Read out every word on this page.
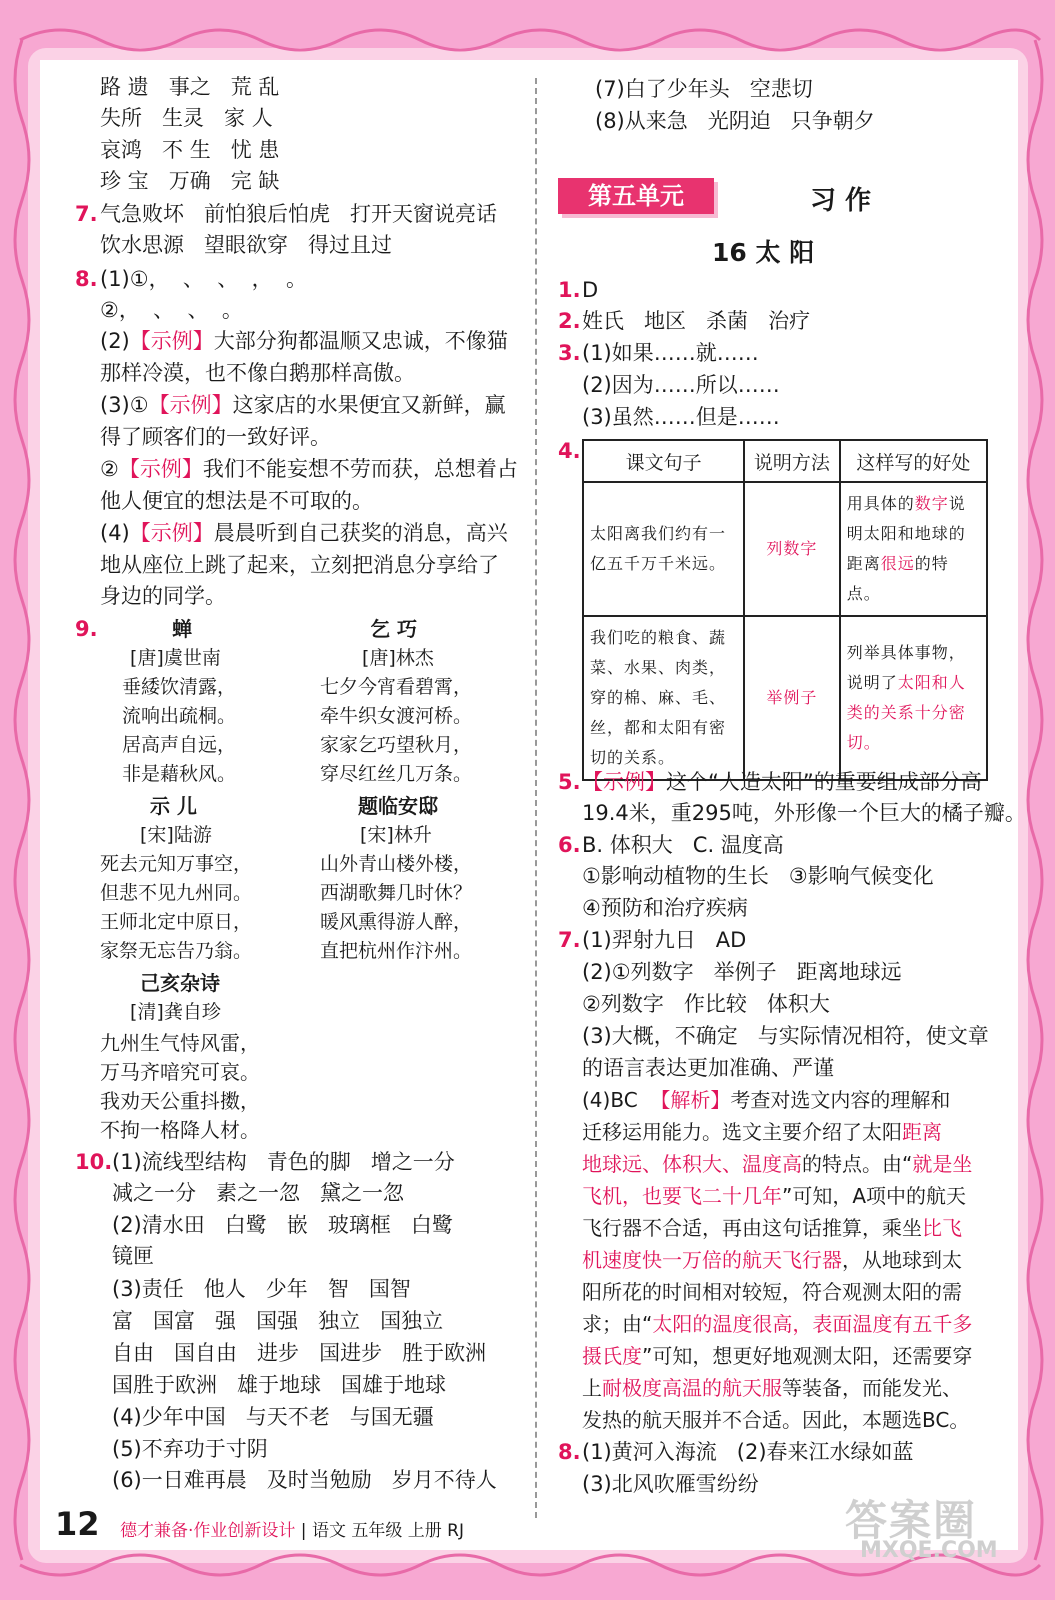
路 遗   事之   荒 乱
失所   生灵   家 人
哀鸿   不 生   忧 患
珍 宝   万确   完 缺
7. 气急败坏   前怕狼后怕虎   打开天窗说亮话
饮水思源   望眼欲穿   得过且过
8. (1)①，  、  、  ，  。
②，  、  、  。
(2)【示例】大部分狗都温顺又忠诚，不像猫
那样冷漠，也不像白鹅那样高傲。
(3)①【示例】这家店的水果便宜又新鲜，赢
得了顾客们的一致好评。
②【示例】我们不能妄想不劳而获，总想着占
他人便宜的想法是不可取的。
(4)【示例】晨晨听到自己获奖的消息，高兴
地从座位上跳了起来，立刻把消息分享给了
身边的同学。
9.	蝉
[唐]虞世南
垂緌饮清露，
流响出疏桐。
居高声自远，
非是藉秋风。
乞 巧
[唐]林杰
七夕今宵看碧霄，
牵牛织女渡河桥。
家家乞巧望秋月，
穿尽红丝几万条。
示 儿
[宋]陆游
死去元知万事空，
但悲不见九州同。
王师北定中原日，
家祭无忘告乃翁。
题临安邸
[宋]林升
山外青山楼外楼，
西湖歌舞几时休？
暖风熏得游人醉，
直把杭州作汴州。
己亥杂诗
[清]龚自珍
九州生气恃风雷，
万马齐喑究可哀。
我劝天公重抖擞，
不拘一格降人材。
10. (1)流线型结构   青色的脚   增之一分
减之一分   素之一忽   黛之一忽
(2)清水田   白鹭   嵌   玻璃框   白鹭
镜匣
(3)责任   他人   少年   智   国智
富   国富   强   国强   独立   国独立
自由   国自由   进步   国进步   胜于欧洲
国胜于欧洲   雄于地球   国雄于地球
(4)少年中国   与天不老   与国无疆
(5)不弃功于寸阴
(6)一日难再晨   及时当勉励   岁月不待人
(7)白了少年头   空悲切
(8)从来急   光阴迫   只争朝夕
第五单元	习 作
16 太 阳
1. D
2. 姓氏   地区   杀菌   治疗
3. (1)如果……就……
(2)因为……所以……
(3)虽然……但是……
4. 课文句子	说明方法	这样写的好处
太阳离我们约有一亿五千万千米远。	列数字	用具体的数字说明太阳和地球的距离很远的特点。
我们吃的粮食、蔬菜、水果、肉类，穿的棉、麻、毛、丝，都和太阳有密切的关系。	举例子	列举具体事物，说明了太阳和人类的关系十分密切。
5. 【示例】这个“人造太阳”的重要组成部分高
19.4米，重295吨，外形像一个巨大的橘子瓣。
6. B. 体积大   C. 温度高
①影响动植物的生长   ③影响气候变化
④预防和治疗疾病
7. (1)羿射九日   AD
(2)①列数字   举例子   距离地球远
②列数字   作比较   体积大
(3)大概，不确定   与实际情况相符，使文章
的语言表达更加准确、严谨
(4)BC  【解析】考查对选文内容的理解和
迁移运用能力。选文主要介绍了太阳距离
地球远、体积大、温度高的特点。由“就是坐
飞机，也要飞二十几年”可知，A项中的航天
飞行器不合适，再由这句话推算，乘坐比飞
机速度快一万倍的航天飞行器，从地球到太
阳所花的时间相对较短，符合观测太阳的需
求；由“太阳的温度很高，表面温度有五千多
摄氏度”可知，想更好地观测太阳，还需要穿
上耐极度高温的航天服等装备，而能发光、
发热的航天服并不合适。因此，本题选BC。
8. (1)黄河入海流   (2)春来江水绿如蓝
(3)北风吹雁雪纷纷
12 德才兼备·作业创新设计 | 语文 五年级 上册 RJ	答案圈
MXQE.COM
